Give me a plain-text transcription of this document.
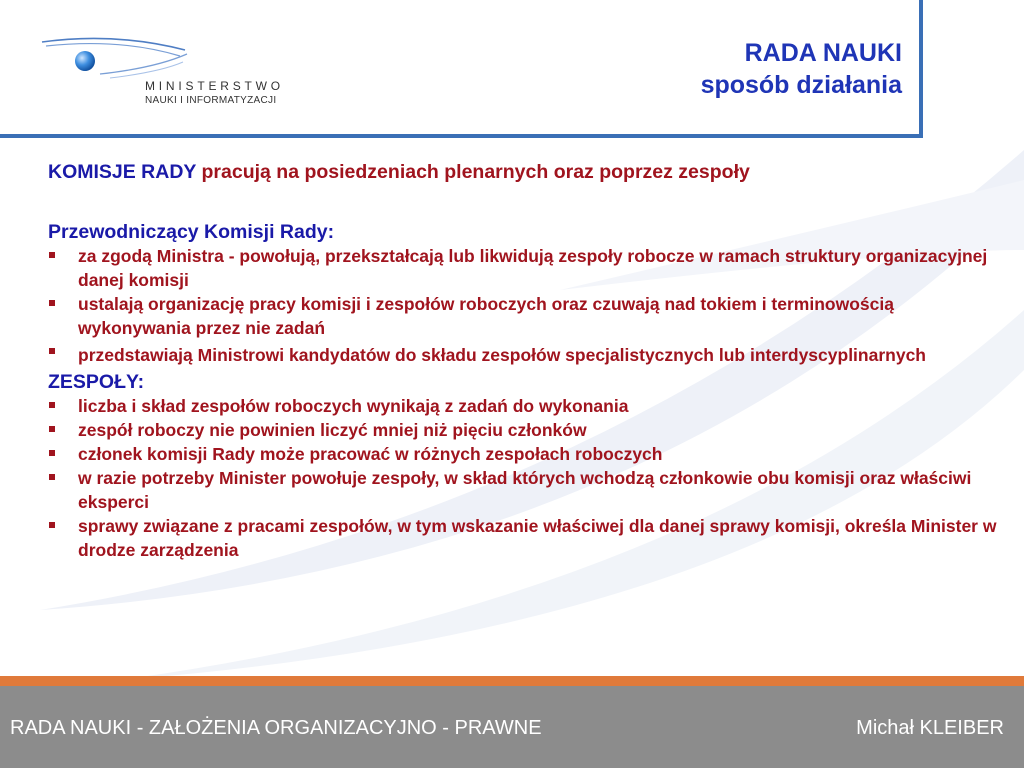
MINISTERSTWO
NAUKI I INFORMATYZACJI
RADA NAUKI
sposób działania
KOMISJE RADY pracują na posiedzeniach plenarnych oraz poprzez zespoły
Przewodniczący Komisji Rady:
za zgodą Ministra - powołują, przekształcają lub likwidują zespoły robocze w ramach struktury organizacyjnej danej komisji
ustalają organizację pracy komisji i zespołów roboczych oraz czuwają nad tokiem i terminowością wykonywania przez nie zadań
przedstawiają Ministrowi kandydatów do składu zespołów specjalistycznych lub interdyscyplinarnych
ZESPOŁY:
liczba i skład zespołów roboczych wynikają z zadań do wykonania
zespół roboczy nie powinien liczyć mniej niż pięciu członków
członek komisji Rady może pracować w różnych zespołach roboczych
w razie potrzeby Minister powołuje zespoły, w skład których wchodzą członkowie obu komisji oraz właściwi eksperci
sprawy związane z pracami zespołów, w tym wskazanie właściwej dla danej sprawy komisji, określa Minister w drodze zarządzenia
RADA NAUKI - ZAŁOŻENIA ORGANIZACYJNO - PRAWNE	Michał KLEIBER
